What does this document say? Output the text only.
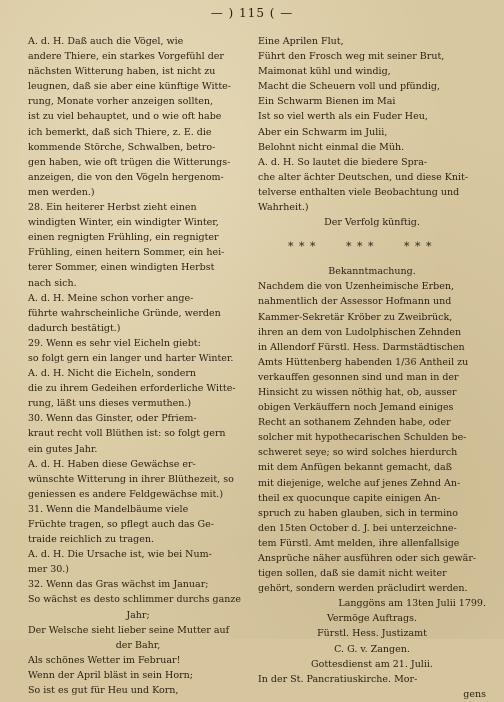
— ) 115 ( —
A. d. H. Daß auch die Vögel, wie
andere Thiere, ein starkes Vorgefühl der
nächsten Witterung haben, ist nicht zu
leugnen, daß sie aber eine künftige Witte-
rung, Monate vorher anzeigen sollten,
ist zu viel behauptet, und o wie oft habe
ich bemerkt, daß sich Thiere, z. E. die
kommende Störche, Schwalben, betro-
gen haben, wie oft trügen die Witterungs-
anzeigen, die von den Vögeln hergenom-
men werden.)
28. Ein heiterer Herbst zieht einen
windigten Winter, ein windigter Winter,
einen regnigten Frühling, ein regnigter
Frühling, einen heitern Sommer, ein hei-
terer Sommer, einen windigten Herbst
nach sich.
A. d. H. Meine schon vorher ange-
führte wahrscheinliche Gründe, werden
dadurch bestätigt.)
29. Wenn es sehr viel Eicheln giebt:
so folgt gern ein langer und harter Winter.
A. d. H. Nicht die Eicheln, sondern
die zu ihrem Gedeihen erforderliche Witte-
rung, läßt uns dieses vermuthen.)
30. Wenn das Ginster, oder Pfriem-
kraut recht voll Blüthen ist: so folgt gern
ein gutes Jahr.
A. d. H. Haben diese Gewächse er-
wünschte Witterung in ihrer Blüthezeit, so
geniessen es andere Feldgewächse mit.)
31. Wenn die Mandelbäume viele
Früchte tragen, so pflegt auch das Ge-
traide reichlich zu tragen.
A. d. H. Die Ursache ist, wie bei Num-
mer 30.)
32. Wenn das Gras wächst im Januar;
So wächst es desto schlimmer durchs ganze
Jahr;
Der Welsche sieht lieber seine Mutter auf
der Bahr,
Als schönes Wetter im Februar!
Wenn der April bläst in sein Horn;
So ist es gut für Heu und Korn,
Eine Aprilen Flut,
Führt den Frosch weg mit seiner Brut,
Maimonat kühl und windig,
Macht die Scheuern voll und pfündig,
Ein Schwarm Bienen im Mai
Ist so viel werth als ein Fuder Heu,
Aber ein Schwarm im Julii,
Belohnt nicht einmal die Müh.
A. d. H. So lautet die biedere Spra-
che alter ächter Deutschen, und diese Knit-
telverse enthalten viele Beobachtung und
Wahrheit.)
Der Verfolg künftig.
* * *	* * *	* * *
Bekanntmachung.
Nachdem die von Uzenheimische Erben,
nahmentlich der Assessor Hofmann und
Kammer-Sekretär Kröber zu Zweibrück,
ihren an dem von Ludolphischen Zehnden
in Allendorf Fürstl. Hess. Darmstädtischen
Amts Hüttenberg habenden 1/36 Antheil zu
verkauffen gesonnen sind und man in der
Hinsicht zu wissen nöthig hat, ob, ausser
obigen Verkäuffern noch Jemand einiges
Recht an sothanem Zehnden habe, oder
solcher mit hypothecarischen Schulden be-
schweret seye; so wird solches hierdurch
mit dem Anfügen bekannt gemacht, daß
mit diejenige, welche auf jenes Zehnd An-
theil ex quocunque capite einigen An-
spruch zu haben glauben, sich in termino
den 15ten October d. J. bei unterzeichne-
tem Fürstl. Amt melden, ihre allenfallsige
Ansprüche näher ausführen oder sich gewär-
tigen sollen, daß sie damit nicht weiter
gehört, sondern werden präcludirt werden.
Langgöns am 13ten Julii 1799.
Vermöge Auftrags.
Fürstl. Hess. Justizamt
C. G. v. Zangen.
Gottesdienst am 21. Julii.
In der St. Pancratiuskirche. Mor-
gens
